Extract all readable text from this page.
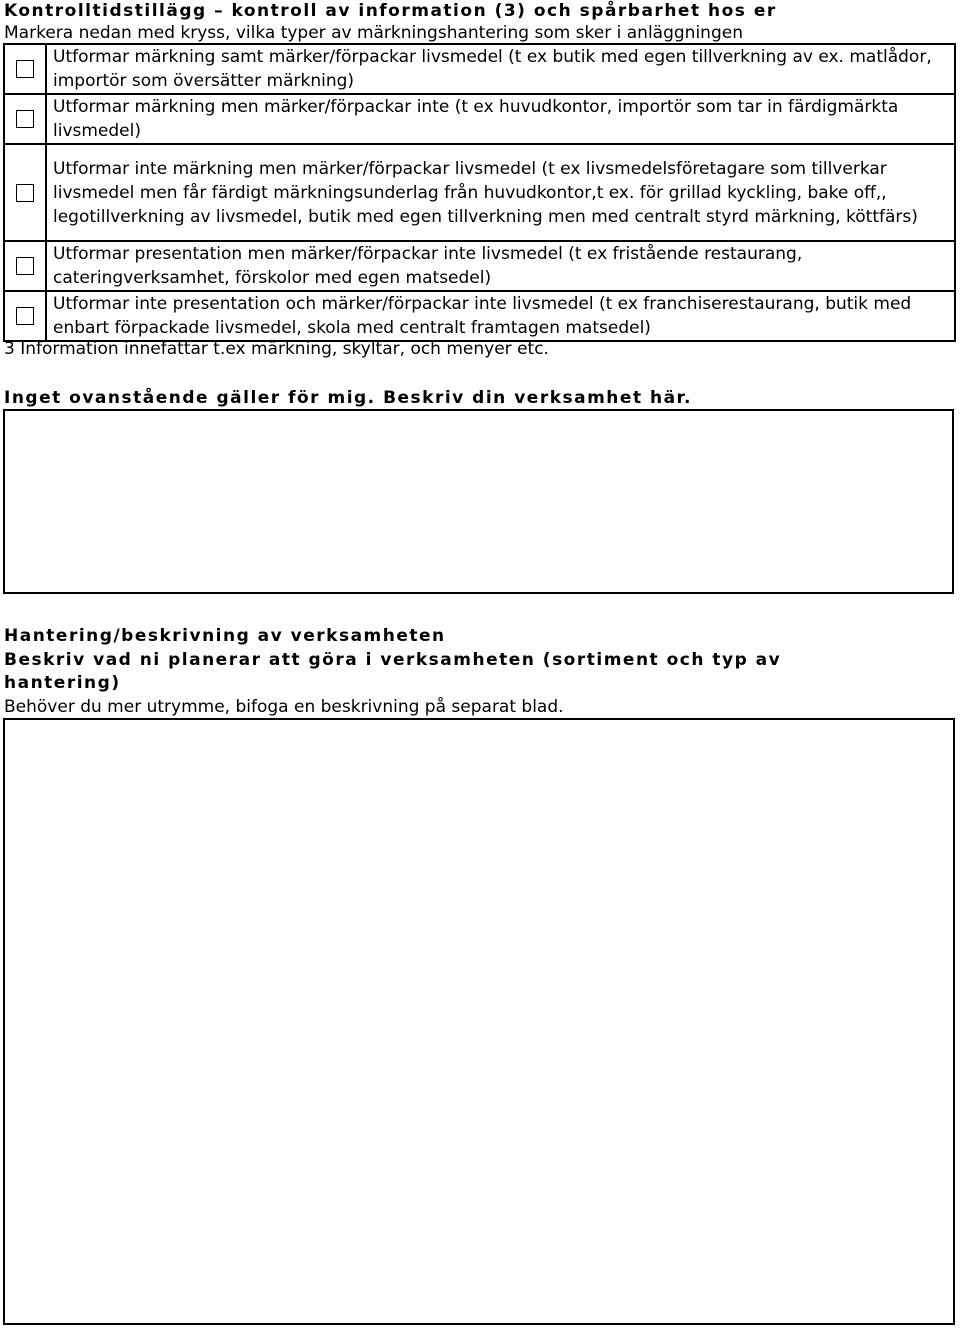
Kontrolltidstillägg – kontroll av information (3) och spårbarhet hos er
Markera nedan med kryss, vilka typer av märkningshantering som sker i anläggningen
	Utformar märkning samt märker/förpackar livsmedel (t ex butik med egen tillverkning av ex. matlådor, importör som översätter märkning)
	Utformar märkning men märker/förpackar inte (t ex huvudkontor, importör som tar in färdigmärkta livsmedel)
	Utformar inte märkning men märker/förpackar livsmedel (t ex livsmedelsföretagare som tillverkar livsmedel men får färdigt märkningsunderlag från huvudkontor,t ex. för grillad kyckling, bake off,, legotillverkning av livsmedel, butik med egen tillverkning men med centralt styrd märkning, köttfärs)
	Utformar presentation men märker/förpackar inte livsmedel (t ex fristående restaurang, cateringverksamhet, förskolor med egen matsedel)
	Utformar inte presentation och märker/förpackar inte livsmedel (t ex franchiserestaurang, butik med enbart förpackade livsmedel, skola med centralt framtagen matsedel)
3 Information innefattar t.ex märkning, skyltar, och menyer etc.
Inget ovanstående gäller för mig. Beskriv din verksamhet här.
Hantering/beskrivning av verksamheten
Beskriv vad ni planerar att göra i verksamheten (sortiment och typ av hantering)
Behöver du mer utrymme, bifoga en beskrivning på separat blad.
